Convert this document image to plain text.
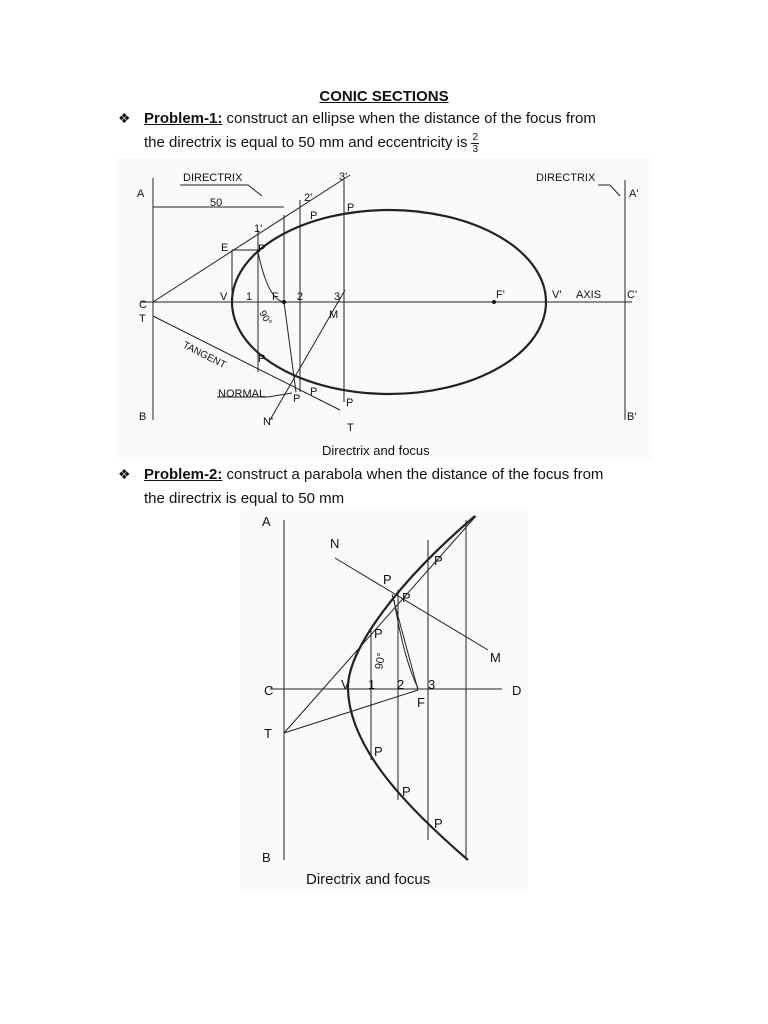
CONIC SECTIONS
❖ Problem-1: construct an ellipse when the distance of the focus from
the directrix is equal to 50 mm and eccentricity is $\frac{2}{3}$
DIRECTRIX	DIRECTRIX
50
A	A'
B	B'
C
C'
T
E
V 1 F 2	3	F'	V' AXIS
1'
2'
3'
P
P
P
P
P
P
P
M
N'	T
NORMAL
90°
TANGENT
Directrix and focus
❖ Problem-2: construct a parabola when the distance of the focus from
the directrix is equal to 50 mm
A
B
C	D
T
N
M
V 1 2 3
F
P
P
P
P
P
P
P
90°
Directrix and focus
